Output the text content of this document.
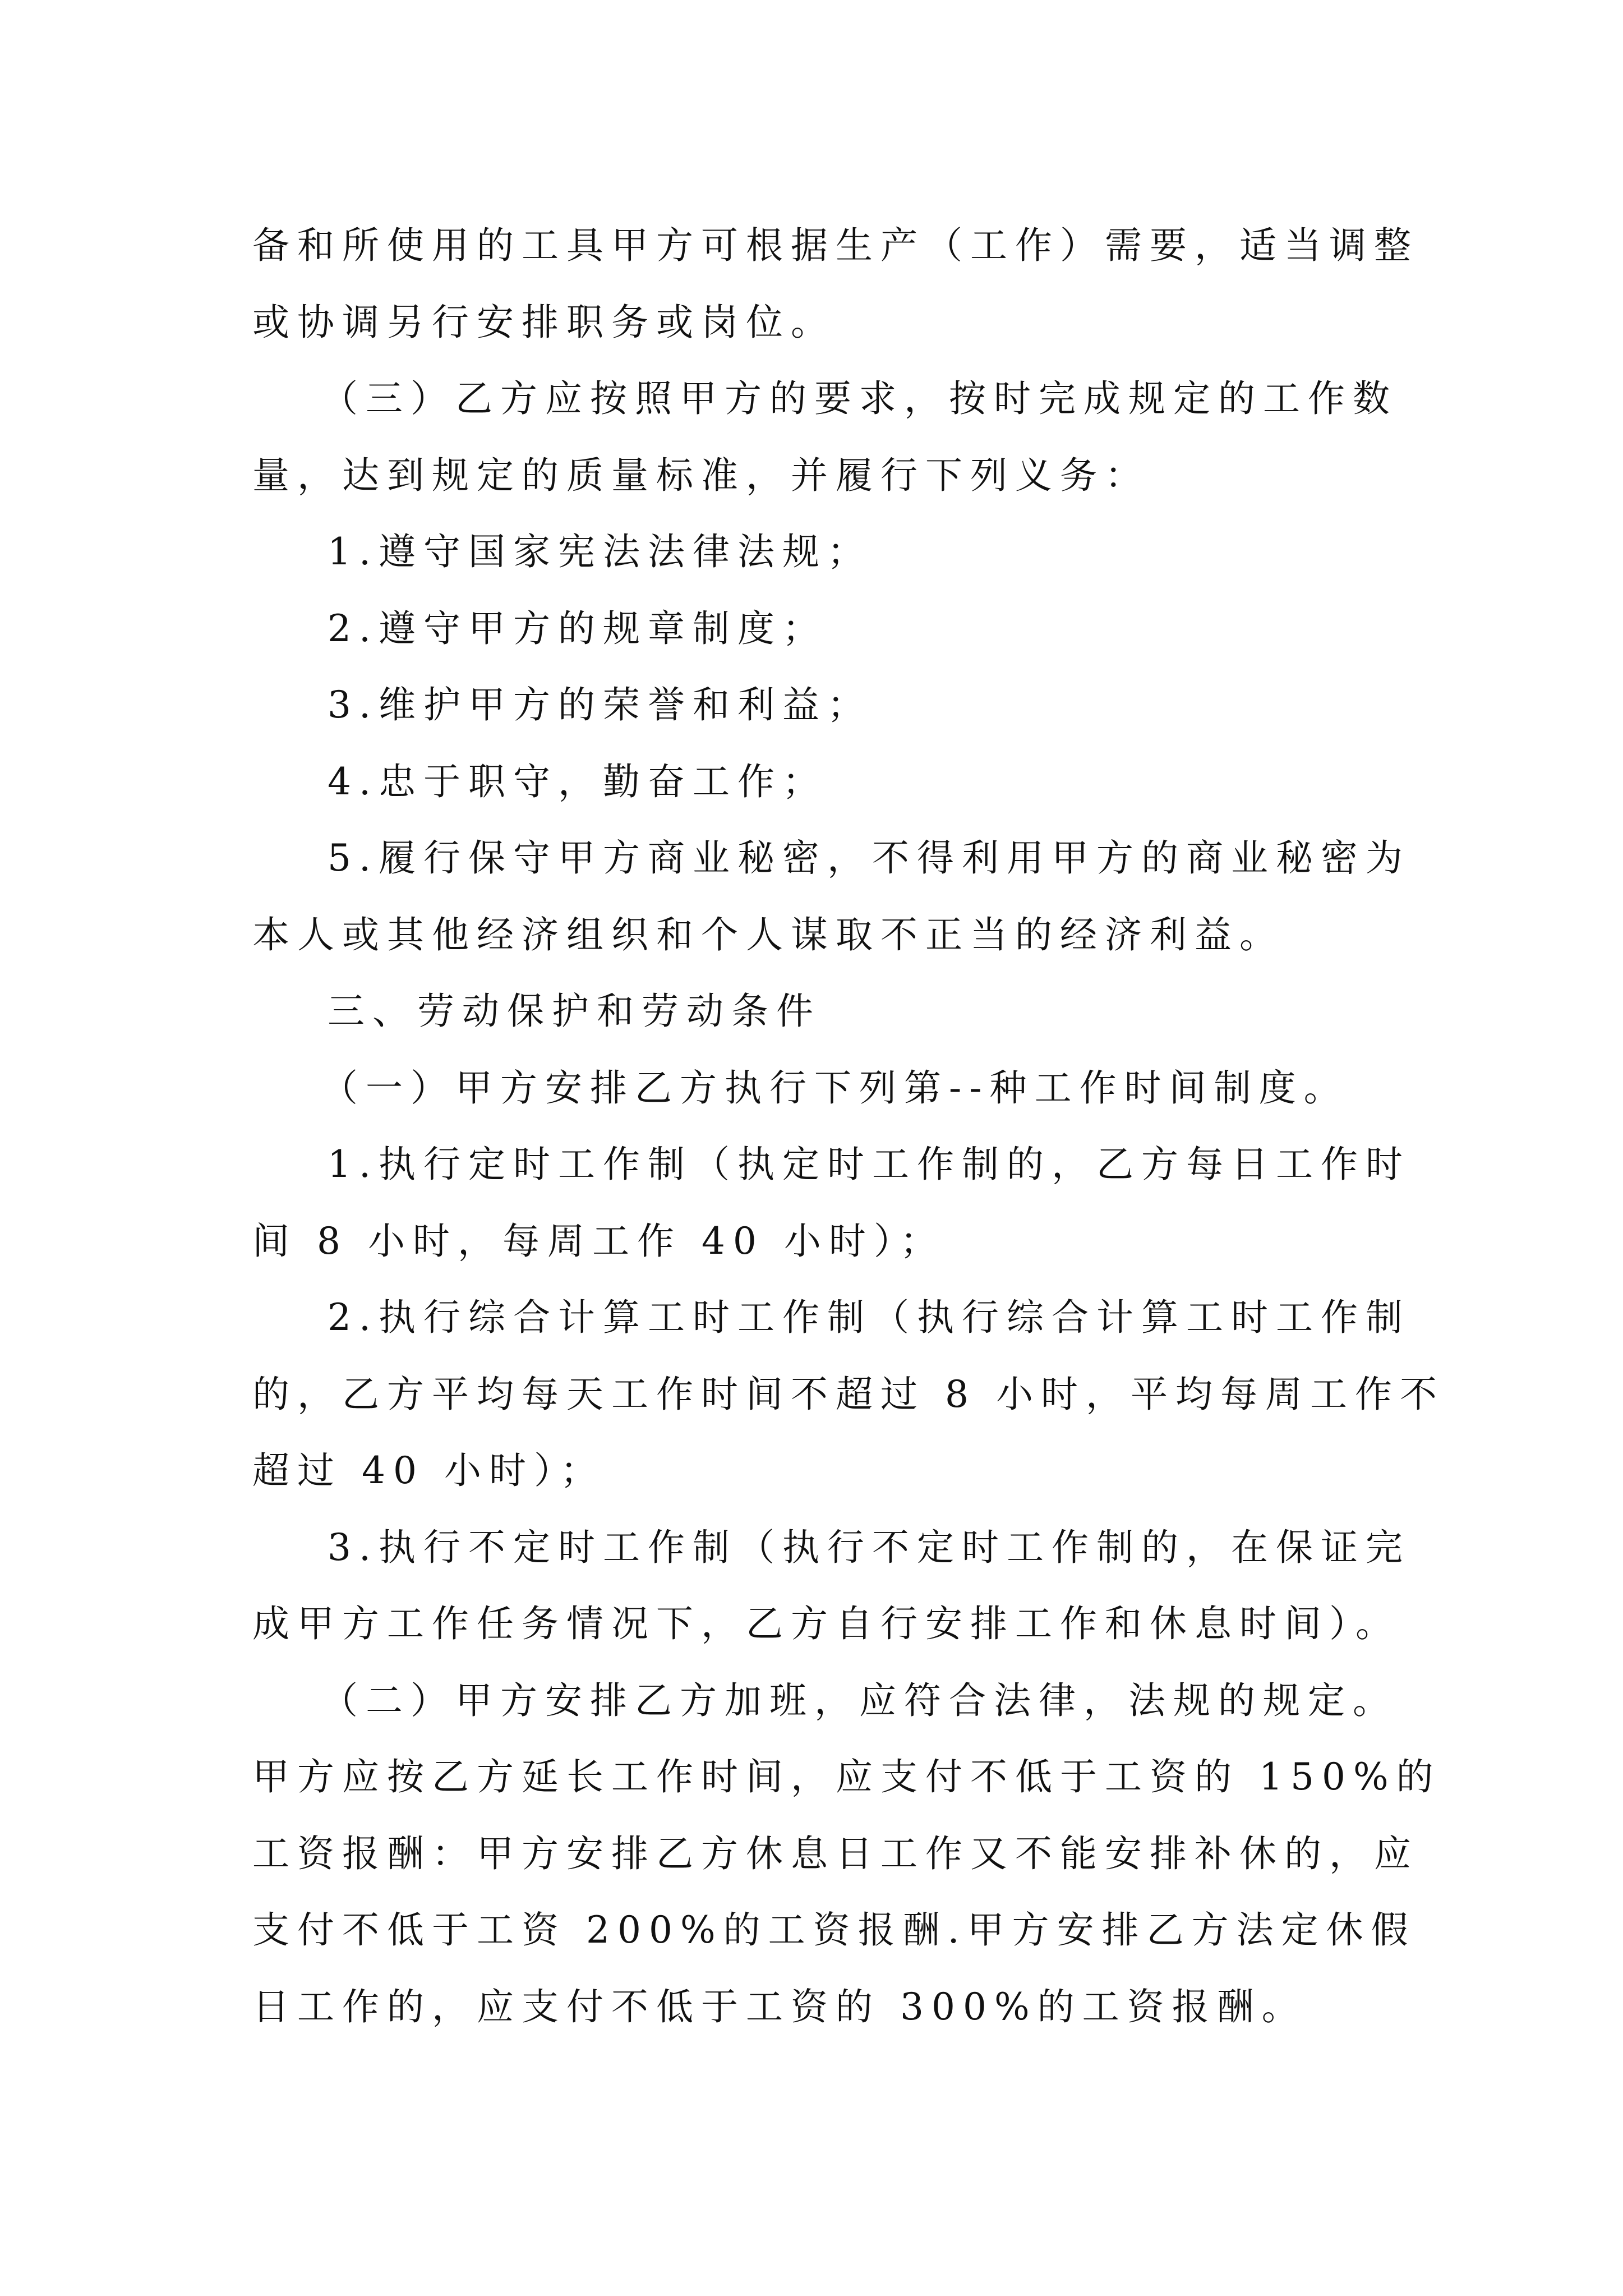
备和所使用的工具甲方可根据生产（工作）需要，适当调整
或协调另行安排职务或岗位。
（三）乙方应按照甲方的要求，按时完成规定的工作数
量，达到规定的质量标准，并履行下列义务：
1.遵守国家宪法法律法规；
2.遵守甲方的规章制度；
3.维护甲方的荣誉和利益；
4.忠于职守，勤奋工作；
5.履行保守甲方商业秘密，不得利用甲方的商业秘密为
本人或其他经济组织和个人谋取不正当的经济利益。
三、劳动保护和劳动条件
（一）甲方安排乙方执行下列第--种工作时间制度。
1.执行定时工作制（执定时工作制的，乙方每日工作时
间 8 小时，每周工作 40 小时）；
2.执行综合计算工时工作制（执行综合计算工时工作制
的，乙方平均每天工作时间不超过 8 小时，平均每周工作不
超过 40 小时）；
3.执行不定时工作制（执行不定时工作制的，在保证完
成甲方工作任务情况下，乙方自行安排工作和休息时间）。
（二）甲方安排乙方加班，应符合法律，法规的规定。
甲方应按乙方延长工作时间，应支付不低于工资的 150%的
工资报酬：甲方安排乙方休息日工作又不能安排补休的，应
支付不低于工资 200%的工资报酬.甲方安排乙方法定休假
日工作的，应支付不低于工资的 300%的工资报酬。
